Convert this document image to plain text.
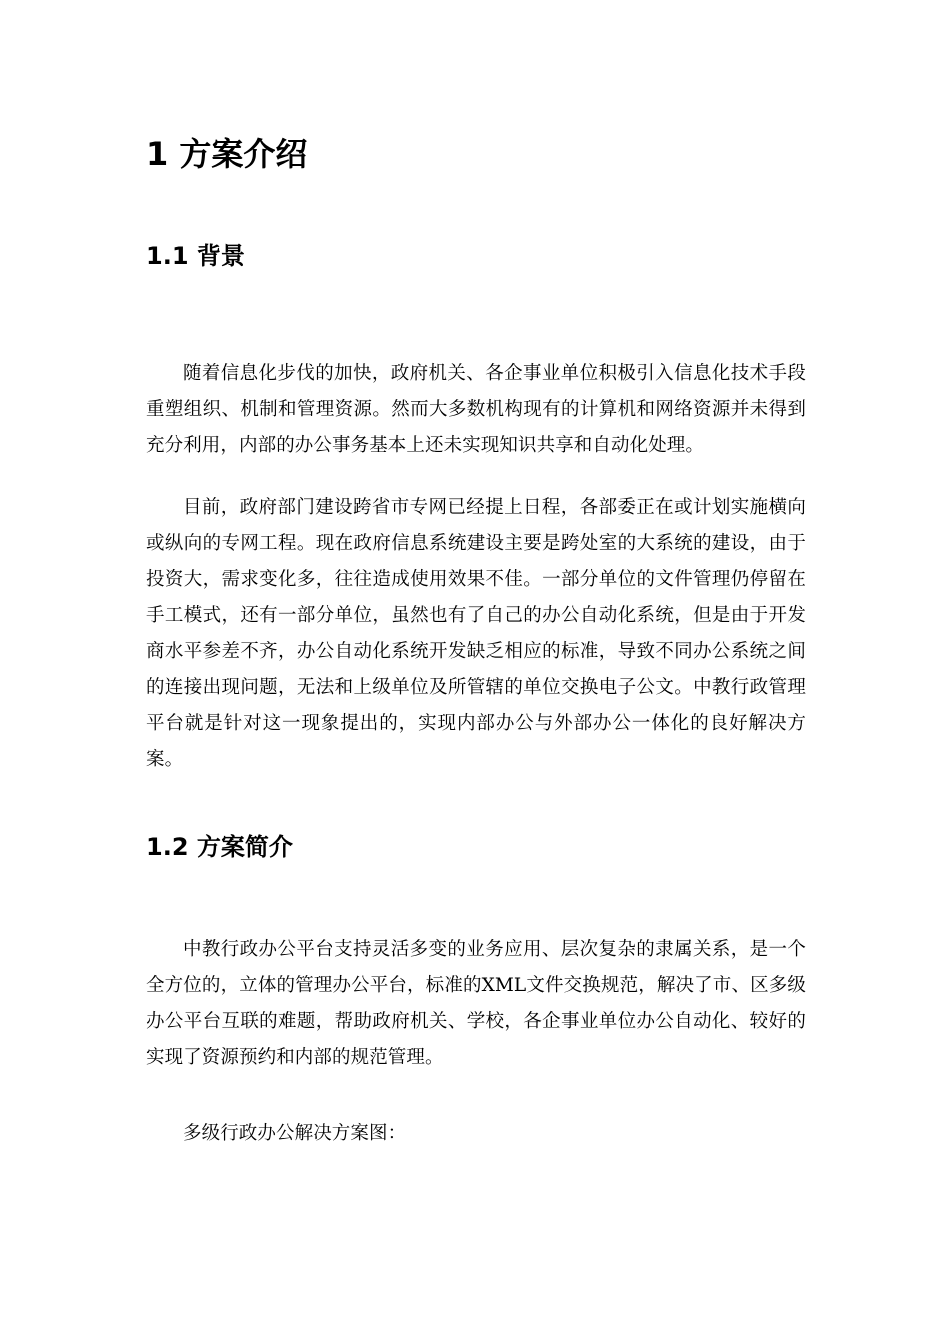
1 方案介绍
1.1 背景

随着信息化步伐的加快，政府机关、各企事业单位积极引入信息化技术手段重塑组织、机制和管理资源。然而大多数机构现有的计算机和网络资源并未得到充分利用，内部的办公事务基本上还未实现知识共享和自动化处理。

目前，政府部门建设跨省市专网已经提上日程，各部委正在或计划实施横向或纵向的专网工程。现在政府信息系统建设主要是跨处室的大系统的建设，由于投资大，需求变化多，往往造成使用效果不佳。一部分单位的文件管理仍停留在手工模式，还有一部分单位，虽然也有了自己的办公自动化系统，但是由于开发商水平参差不齐，办公自动化系统开发缺乏相应的标准，导致不同办公系统之间的连接出现问题，无法和上级单位及所管辖的单位交换电子公文。中教行政管理平台就是针对这一现象提出的，实现内部办公与外部办公一体化的良好解决方案。

1.2 方案简介

中教行政办公平台支持灵活多变的业务应用、层次复杂的隶属关系，是一个全方位的，立体的管理办公平台，标准的XML文件交换规范，解决了市、区多级办公平台互联的难题，帮助政府机关、学校，各企事业单位办公自动化、较好的实现了资源预约和内部的规范管理。

多级行政办公解决方案图：
